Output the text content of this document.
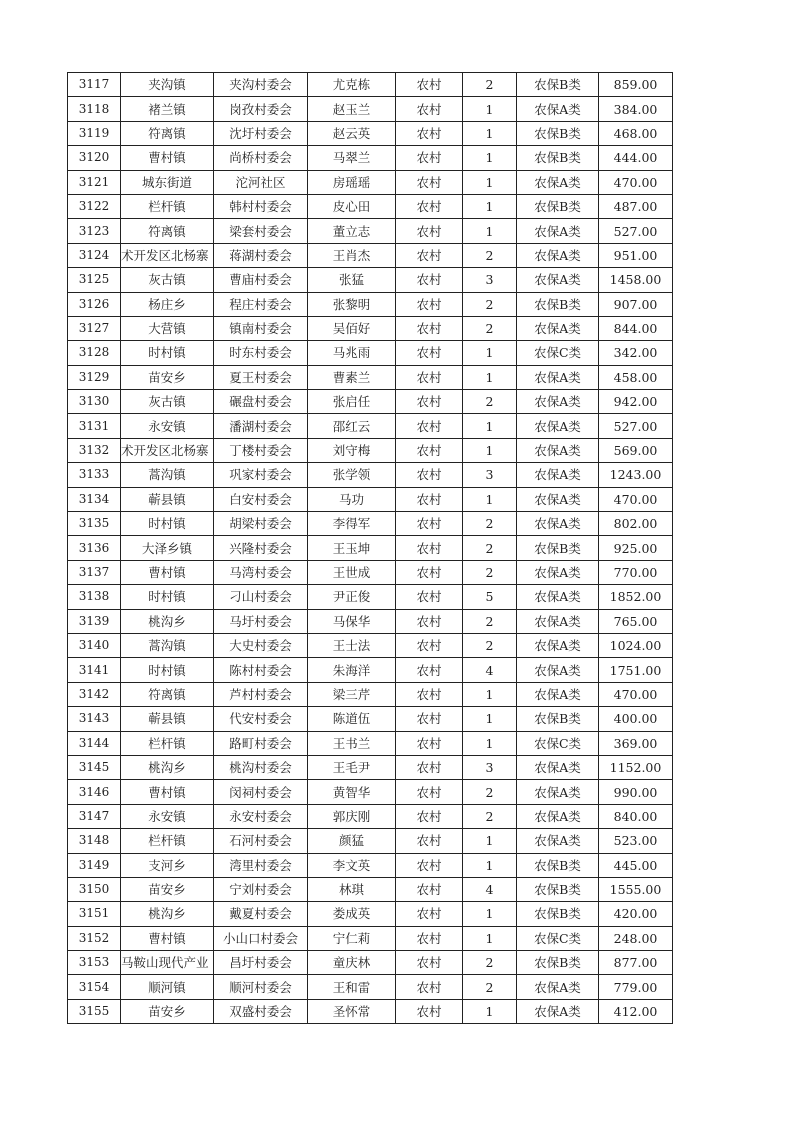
3117	夹沟镇	夹沟村委会	尤克栋	农村	2	农保B类	859.00
3118	褚兰镇	岗孜村委会	赵玉兰	农村	1	农保A类	384.00
3119	符离镇	沈圩村委会	赵云英	农村	1	农保B类	468.00
3120	曹村镇	尚桥村委会	马翠兰	农村	1	农保B类	444.00
3121	城东街道	沱河社区	房瑶瑶	农村	1	农保A类	470.00
3122	栏杆镇	韩村村委会	皮心田	农村	1	农保B类	487.00
3123	符离镇	梁套村委会	董立志	农村	1	农保A类	527.00
3124	术开发区北杨寨	蒋湖村委会	王肖杰	农村	2	农保A类	951.00
3125	灰古镇	曹庙村委会	张猛	农村	3	农保A类	1458.00
3126	杨庄乡	程庄村委会	张黎明	农村	2	农保B类	907.00
3127	大营镇	镇南村委会	吴佰好	农村	2	农保A类	844.00
3128	时村镇	时东村委会	马兆雨	农村	1	农保C类	342.00
3129	苗安乡	夏王村委会	曹素兰	农村	1	农保A类	458.00
3130	灰古镇	碾盘村委会	张启任	农村	2	农保A类	942.00
3131	永安镇	潘湖村委会	邵红云	农村	1	农保A类	527.00
3132	术开发区北杨寨	丁楼村委会	刘守梅	农村	1	农保A类	569.00
3133	蒿沟镇	巩家村委会	张学领	农村	3	农保A类	1243.00
3134	蕲县镇	白安村委会	马功	农村	1	农保A类	470.00
3135	时村镇	胡梁村委会	李得军	农村	2	农保A类	802.00
3136	大泽乡镇	兴隆村委会	王玉坤	农村	2	农保B类	925.00
3137	曹村镇	马湾村委会	王世成	农村	2	农保A类	770.00
3138	时村镇	刁山村委会	尹正俊	农村	5	农保A类	1852.00
3139	桃沟乡	马圩村委会	马保华	农村	2	农保A类	765.00
3140	蒿沟镇	大史村委会	王士法	农村	2	农保A类	1024.00
3141	时村镇	陈村村委会	朱海洋	农村	4	农保A类	1751.00
3142	符离镇	芦村村委会	梁三芹	农村	1	农保A类	470.00
3143	蕲县镇	代安村委会	陈道伍	农村	1	农保B类	400.00
3144	栏杆镇	路町村委会	王书兰	农村	1	农保C类	369.00
3145	桃沟乡	桃沟村委会	王毛尹	农村	3	农保A类	1152.00
3146	曹村镇	闵祠村委会	黄智华	农村	2	农保A类	990.00
3147	永安镇	永安村委会	郭庆刚	农村	2	农保A类	840.00
3148	栏杆镇	石河村委会	颜猛	农村	1	农保A类	523.00
3149	支河乡	湾里村委会	李文英	农村	1	农保B类	445.00
3150	苗安乡	宁刘村委会	林琪	农村	4	农保B类	1555.00
3151	桃沟乡	戴夏村委会	娄成英	农村	1	农保B类	420.00
3152	曹村镇	小山口村委会	宁仁莉	农村	1	农保C类	248.00
3153	马鞍山现代产业	昌圩村委会	童庆林	农村	2	农保B类	877.00
3154	顺河镇	顺河村委会	王和雷	农村	2	农保A类	779.00
3155	苗安乡	双盛村委会	圣怀常	农村	1	农保A类	412.00
